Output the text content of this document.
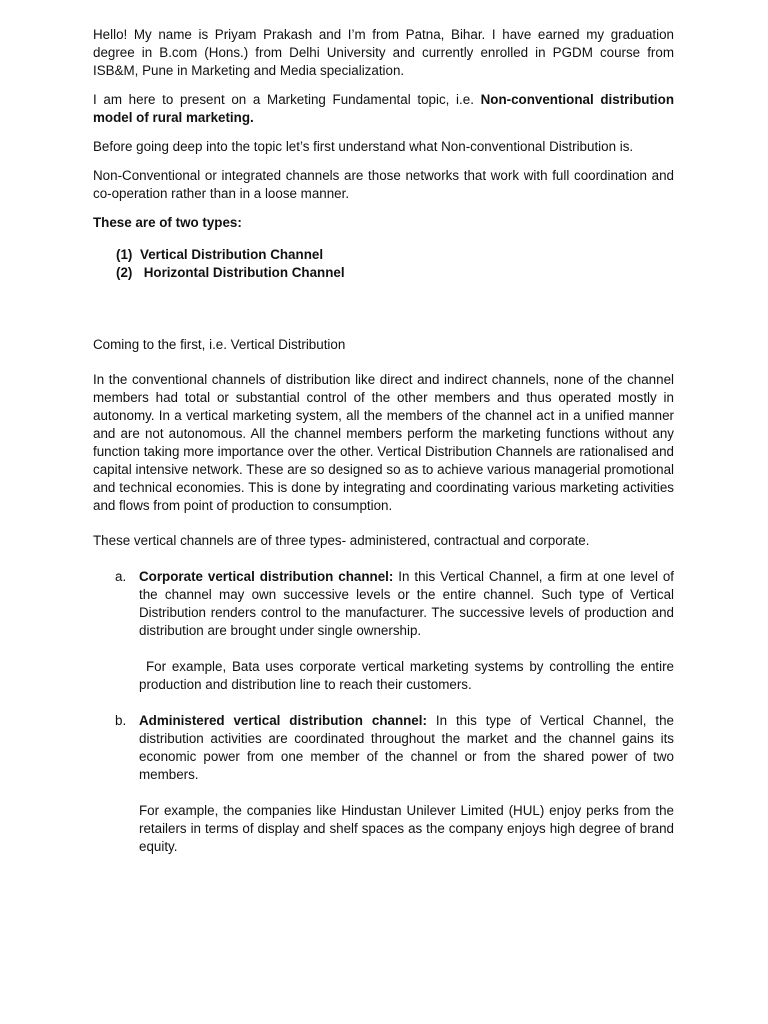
Hello! My name is Priyam Prakash and I’m from Patna, Bihar. I have earned my graduation degree in B.com (Hons.) from Delhi University and currently enrolled in PGDM course from ISB&M, Pune in Marketing and Media specialization.

I am here to present on a Marketing Fundamental topic, i.e. Non-conventional distribution model of rural marketing.

Before going deep into the topic let’s first understand what Non-conventional Distribution is.

Non-Conventional or integrated channels are those networks that work with full coordination and co-operation rather than in a loose manner.

These are of two types:

(1) Vertical Distribution Channel
(2) Horizontal Distribution Channel

Coming to the first, i.e. Vertical Distribution

In the conventional channels of distribution like direct and indirect channels, none of the channel members had total or substantial control of the other members and thus operated mostly in autonomy. In a vertical marketing system, all the members of the channel act in a unified manner and are not autonomous. All the channel members perform the marketing functions without any function taking more importance over the other. Vertical Distribution Channels are rationalised and capital intensive network. These are so designed so as to achieve various managerial promotional and technical economies. This is done by integrating and coordinating various marketing activities and flows from point of production to consumption.

These vertical channels are of three types- administered, contractual and corporate.

a. Corporate vertical distribution channel: In this Vertical Channel, a firm at one level of the channel may own successive levels or the entire channel. Such type of Vertical Distribution renders control to the manufacturer. The successive levels of production and distribution are brought under single ownership.

For example, Bata uses corporate vertical marketing systems by controlling the entire production and distribution line to reach their customers.

b. Administered vertical distribution channel: In this type of Vertical Channel, the distribution activities are coordinated throughout the market and the channel gains its economic power from one member of the channel or from the shared power of two members.

For example, the companies like Hindustan Unilever Limited (HUL) enjoy perks from the retailers in terms of display and shelf spaces as the company enjoys high degree of brand equity.
